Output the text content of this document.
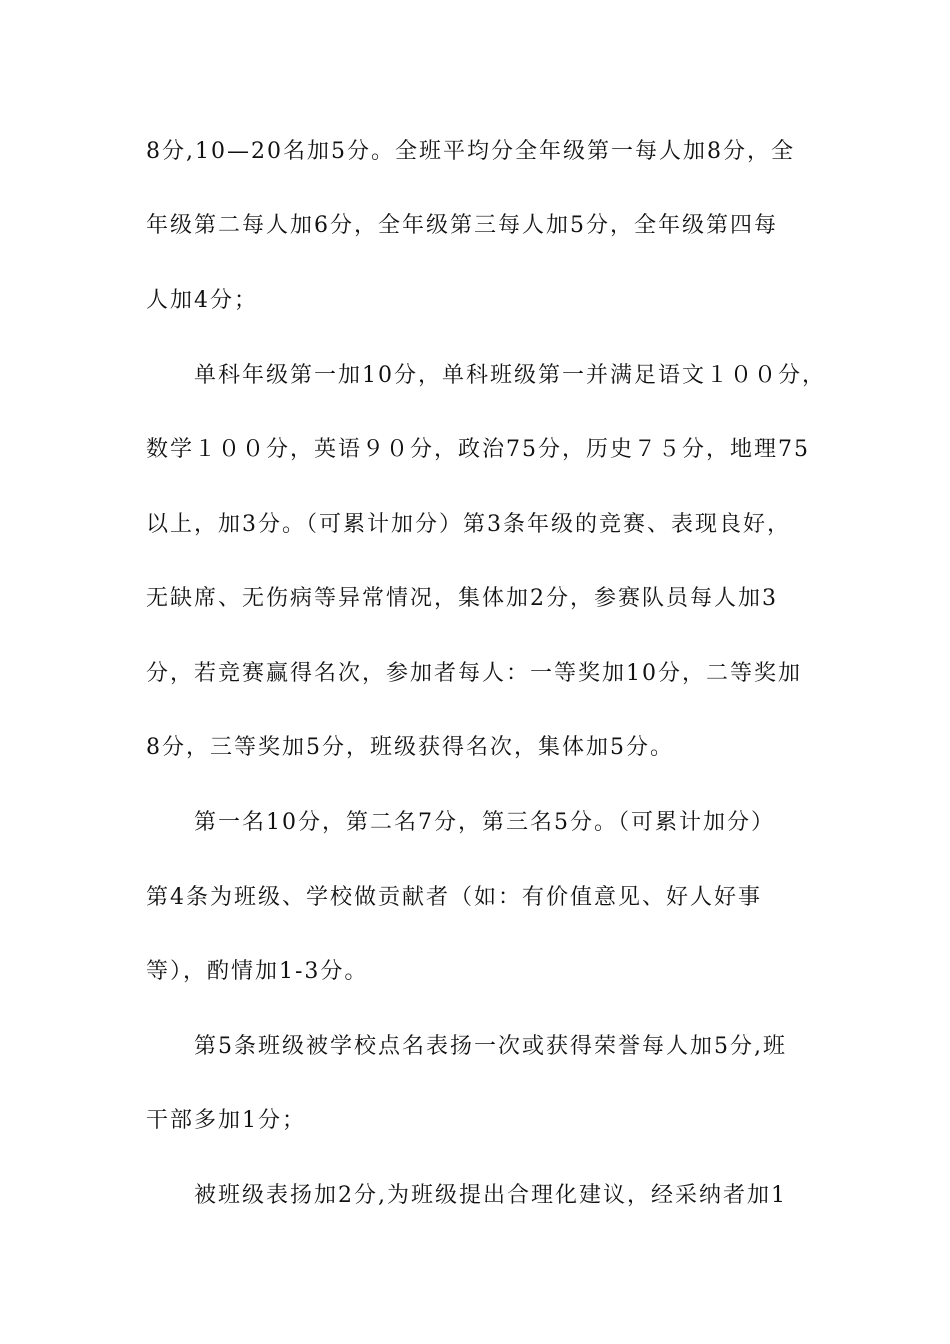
8分,10—20名加5分。全班平均分全年级第一每人加8分，全
年级第二每人加6分，全年级第三每人加5分，全年级第四每
人加4分；
单科年级第一加10分，单科班级第一并满足语文１００分，
数学１００分，英语９０分，政治75分，历史７５分，地理75
以上，加3分。（可累计加分）第3条年级的竞赛、表现良好，
无缺席、无伤病等异常情况，集体加2分，参赛队员每人加3
分，若竞赛赢得名次，参加者每人：一等奖加10分，二等奖加
8分，三等奖加5分，班级获得名次，集体加5分。
第一名10分，第二名7分，第三名5分。（可累计加分）
第4条为班级、学校做贡献者（如：有价值意见、好人好事
等），酌情加1-3分。
第5条班级被学校点名表扬一次或获得荣誉每人加5分,班
干部多加1分；
被班级表扬加2分,为班级提出合理化建议，经采纳者加1
